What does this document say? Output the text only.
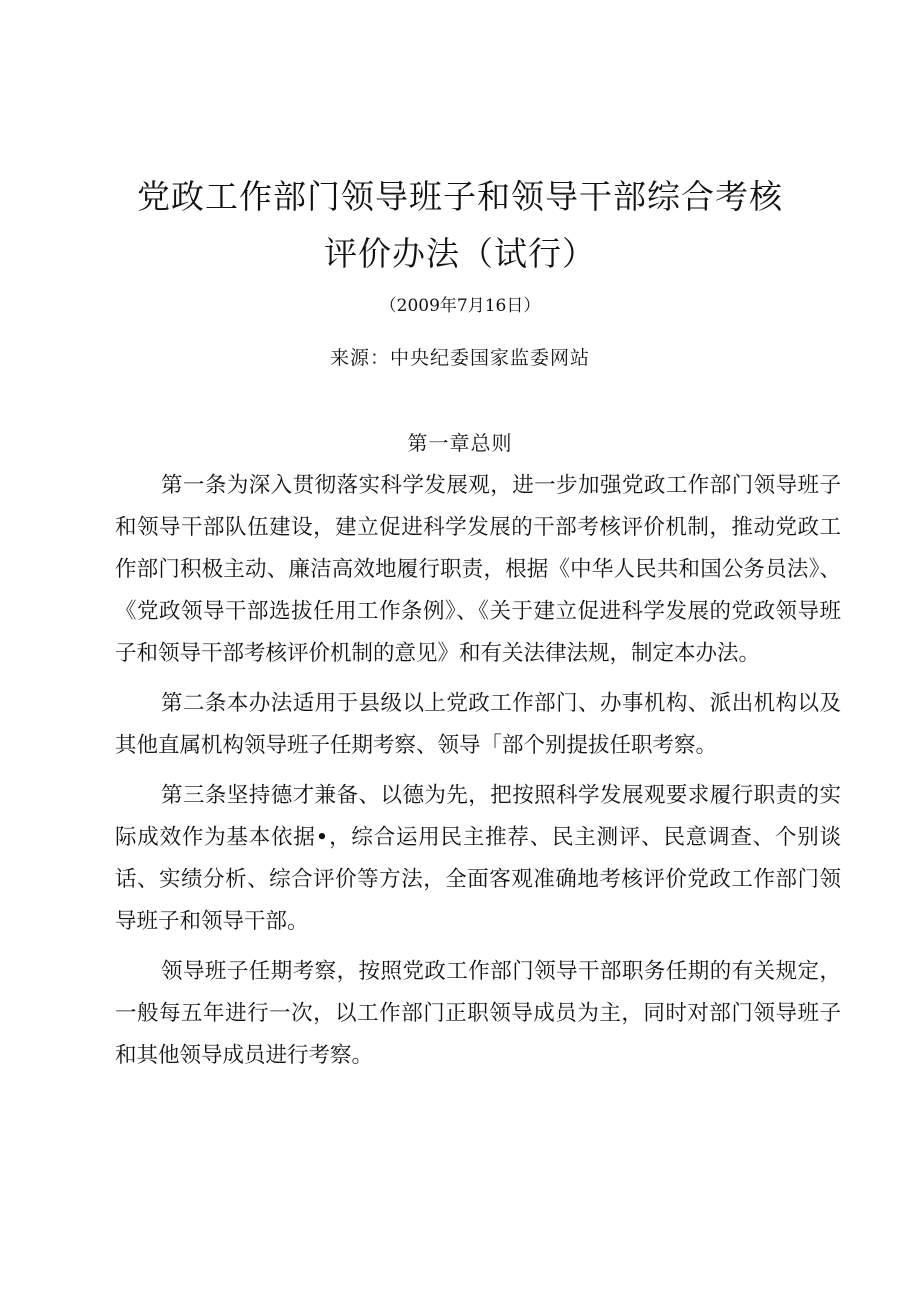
党政工作部门领导班子和领导干部综合考核
评价办法（试行）
（2009年7月16日）
来源：中央纪委国家监委网站
第一章总则

第一条为深入贯彻落实科学发展观，进一步加强党政工作部门领导班子和领导干部队伍建设，建立促进科学发展的干部考核评价机制，推动党政工作部门积极主动、廉洁高效地履行职责，根据《中华人民共和国公务员法》、《党政领导干部选拔任用工作条例》、《关于建立促进科学发展的党政领导班子和领导干部考核评价机制的意见》和有关法律法规，制定本办法。

第二条本办法适用于县级以上党政工作部门、办事机构、派出机构以及其他直属机构领导班子任期考察、领导「部个别提拔任职考察。

第三条坚持德才兼备、以德为先，把按照科学发展观要求履行职责的实际成效作为基本依据•，综合运用民主推荐、民主测评、民意调查、个别谈话、实绩分析、综合评价等方法，全面客观准确地考核评价党政工作部门领导班子和领导干部。

领导班子任期考察，按照党政工作部门领导干部职务任期的有关规定，一般每五年进行一次，以工作部门正职领导成员为主，同时对部门领导班子和其他领导成员进行考察。
